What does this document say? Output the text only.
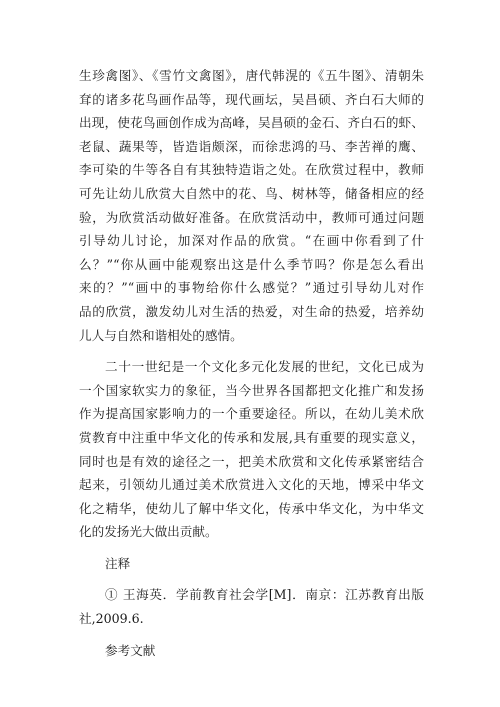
生珍禽图》、《雪竹文禽图》，唐代韩滉的《五牛图》、清朝朱
耷的诸多花鸟画作品等，现代画坛，吴昌硕、齐白石大师的
出现，使花鸟画创作成为高峰，吴昌硕的金石、齐白石的虾、
老鼠、蔬果等，皆造诣颇深，而徐悲鸿的马、李苦禅的鹰、
李可染的牛等各自有其独特造诣之处。在欣赏过程中，教师
可先让幼儿欣赏大自然中的花、鸟、树林等，储备相应的经
验，为欣赏活动做好准备。在欣赏活动中，教师可通过问题
引导幼儿讨论，加深对作品的欣赏。“在画中你看到了什
么？”“你从画中能观察出这是什么季节吗？你是怎么看出
来的？”“画中的事物给你什么感觉？”通过引导幼儿对作
品的欣赏，激发幼儿对生活的热爱，对生命的热爱，培养幼
儿人与自然和谐相处的感情。
二十一世纪是一个文化多元化发展的世纪，文化已成为
一个国家软实力的象征，当今世界各国都把文化推广和发扬
作为提高国家影响力的一个重要途径。所以，在幼儿美术欣
赏教育中注重中华文化的传承和发展,具有重要的现实意义，
同时也是有效的途径之一，把美术欣赏和文化传承紧密结合
起来，引领幼儿通过美术欣赏进入文化的天地，博采中华文
化之精华，使幼儿了解中华文化，传承中华文化，为中华文
化的发扬光大做出贡献。
注释
① 王海英．学前教育社会学[M]．南京：江苏教育出版
社,2009.6.
参考文献
